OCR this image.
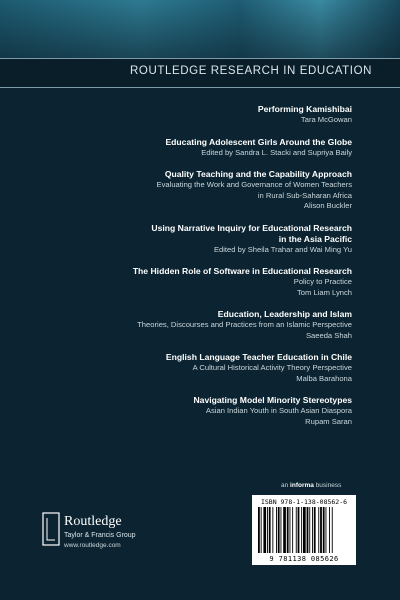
ROUTLEDGE RESEARCH IN EDUCATION
Performing Kamishibai
Tara McGowan
Educating Adolescent Girls Around the Globe
Edited by Sandra L. Stacki and Supriya Baily
Quality Teaching and the Capability Approach
Evaluating the Work and Governance of Women Teachers
in Rural Sub-Saharan Africa
Alison Buckler
Using Narrative Inquiry for Educational Research
in the Asia Pacific
Edited by Sheila Trahar and Wai Ming Yu
The Hidden Role of Software in Educational Research
Policy to Practice
Tom Liam Lynch
Education, Leadership and Islam
Theories, Discourses and Practices from an Islamic Perspective
Saeeda Shah
English Language Teacher Education in Chile
A Cultural Historical Activity Theory Perspective
Malba Barahona
Navigating Model Minority Stereotypes
Asian Indian Youth in South Asian Diaspora
Rupam Saran
an informa business
ISBN 978-1-138-08562-6
9 781138 085626
Routledge
Taylor & Francis Group
www.routledge.com
